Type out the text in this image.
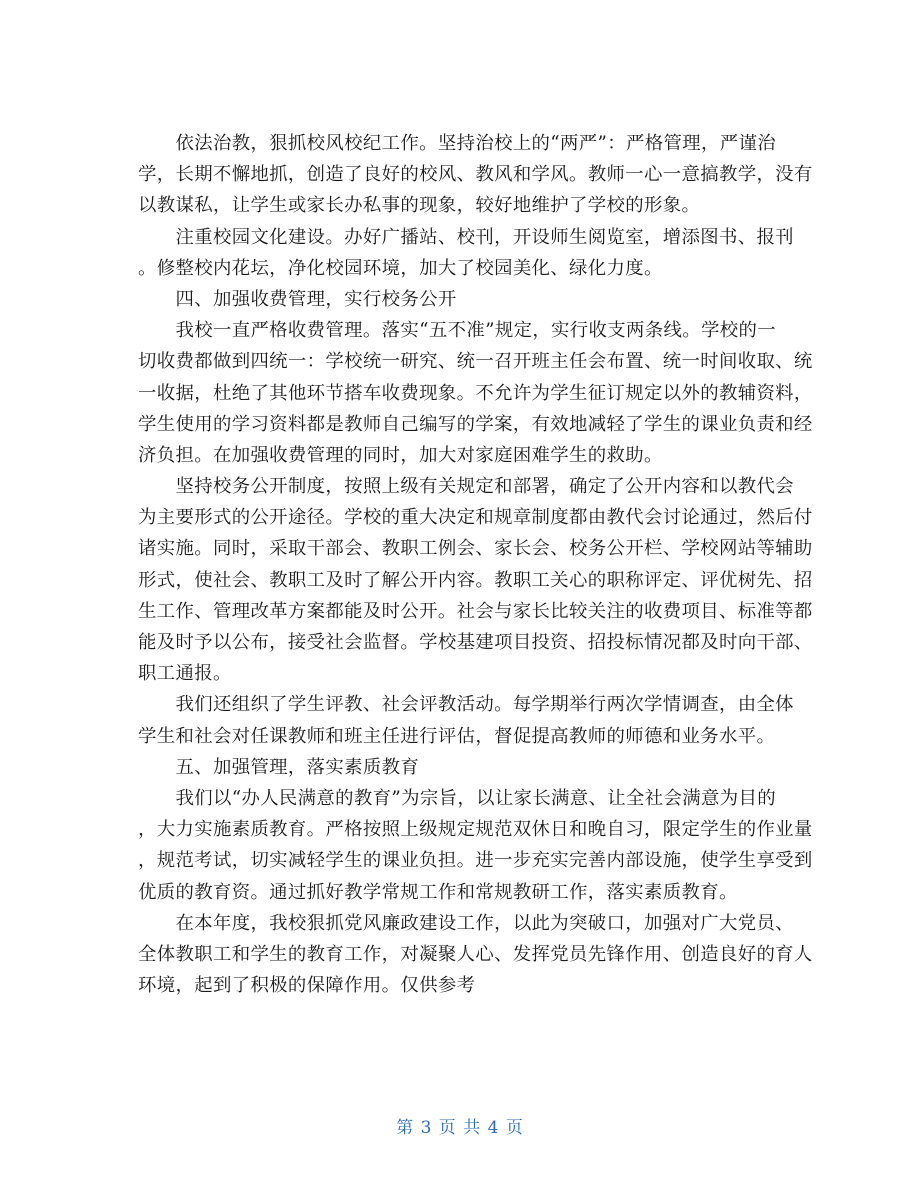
　　依法治教，狠抓校风校纪工作。坚持治校上的“两严”：严格管理，严谨治
学，长期不懈地抓，创造了良好的校风、教风和学风。教师一心一意搞教学，没有
以教谋私，让学生或家长办私事的现象，较好地维护了学校的形象。
　　注重校园文化建设。办好广播站、校刊，开设师生阅览室，增添图书、报刊
。修整校内花坛，净化校园环境，加大了校园美化、绿化力度。
　　四、加强收费管理，实行校务公开
　　我校一直严格收费管理。落实“五不准”规定，实行收支两条线。学校的一
切收费都做到四统一：学校统一研究、统一召开班主任会布置、统一时间收取、统
一收据，杜绝了其他环节搭车收费现象。不允许为学生征订规定以外的教辅资料，
学生使用的学习资料都是教师自己编写的学案，有效地减轻了学生的课业负责和经
济负担。在加强收费管理的同时，加大对家庭困难学生的救助。
　　坚持校务公开制度，按照上级有关规定和部署，确定了公开内容和以教代会
为主要形式的公开途径。学校的重大决定和规章制度都由教代会讨论通过，然后付
诸实施。同时，采取干部会、教职工例会、家长会、校务公开栏、学校网站等辅助
形式，使社会、教职工及时了解公开内容。教职工关心的职称评定、评优树先、招
生工作、管理改革方案都能及时公开。社会与家长比较关注的收费项目、标准等都
能及时予以公布，接受社会监督。学校基建项目投资、招投标情况都及时向干部、
职工通报。
　　我们还组织了学生评教、社会评教活动。每学期举行两次学情调查，由全体
学生和社会对任课教师和班主任进行评估，督促提高教师的师德和业务水平。
　　五、加强管理，落实素质教育
　　我们以“办人民满意的教育”为宗旨，以让家长满意、让全社会满意为目的
，大力实施素质教育。严格按照上级规定规范双休日和晚自习，限定学生的作业量
，规范考试，切实减轻学生的课业负担。进一步充实完善内部设施，使学生享受到
优质的教育资。通过抓好教学常规工作和常规教研工作，落实素质教育。
　　在本年度，我校狠抓党风廉政建设工作，以此为突破口，加强对广大党员、
全体教职工和学生的教育工作，对凝聚人心、发挥党员先锋作用、创造良好的育人
环境，起到了积极的保障作用。仅供参考
第 3 页 共 4 页
